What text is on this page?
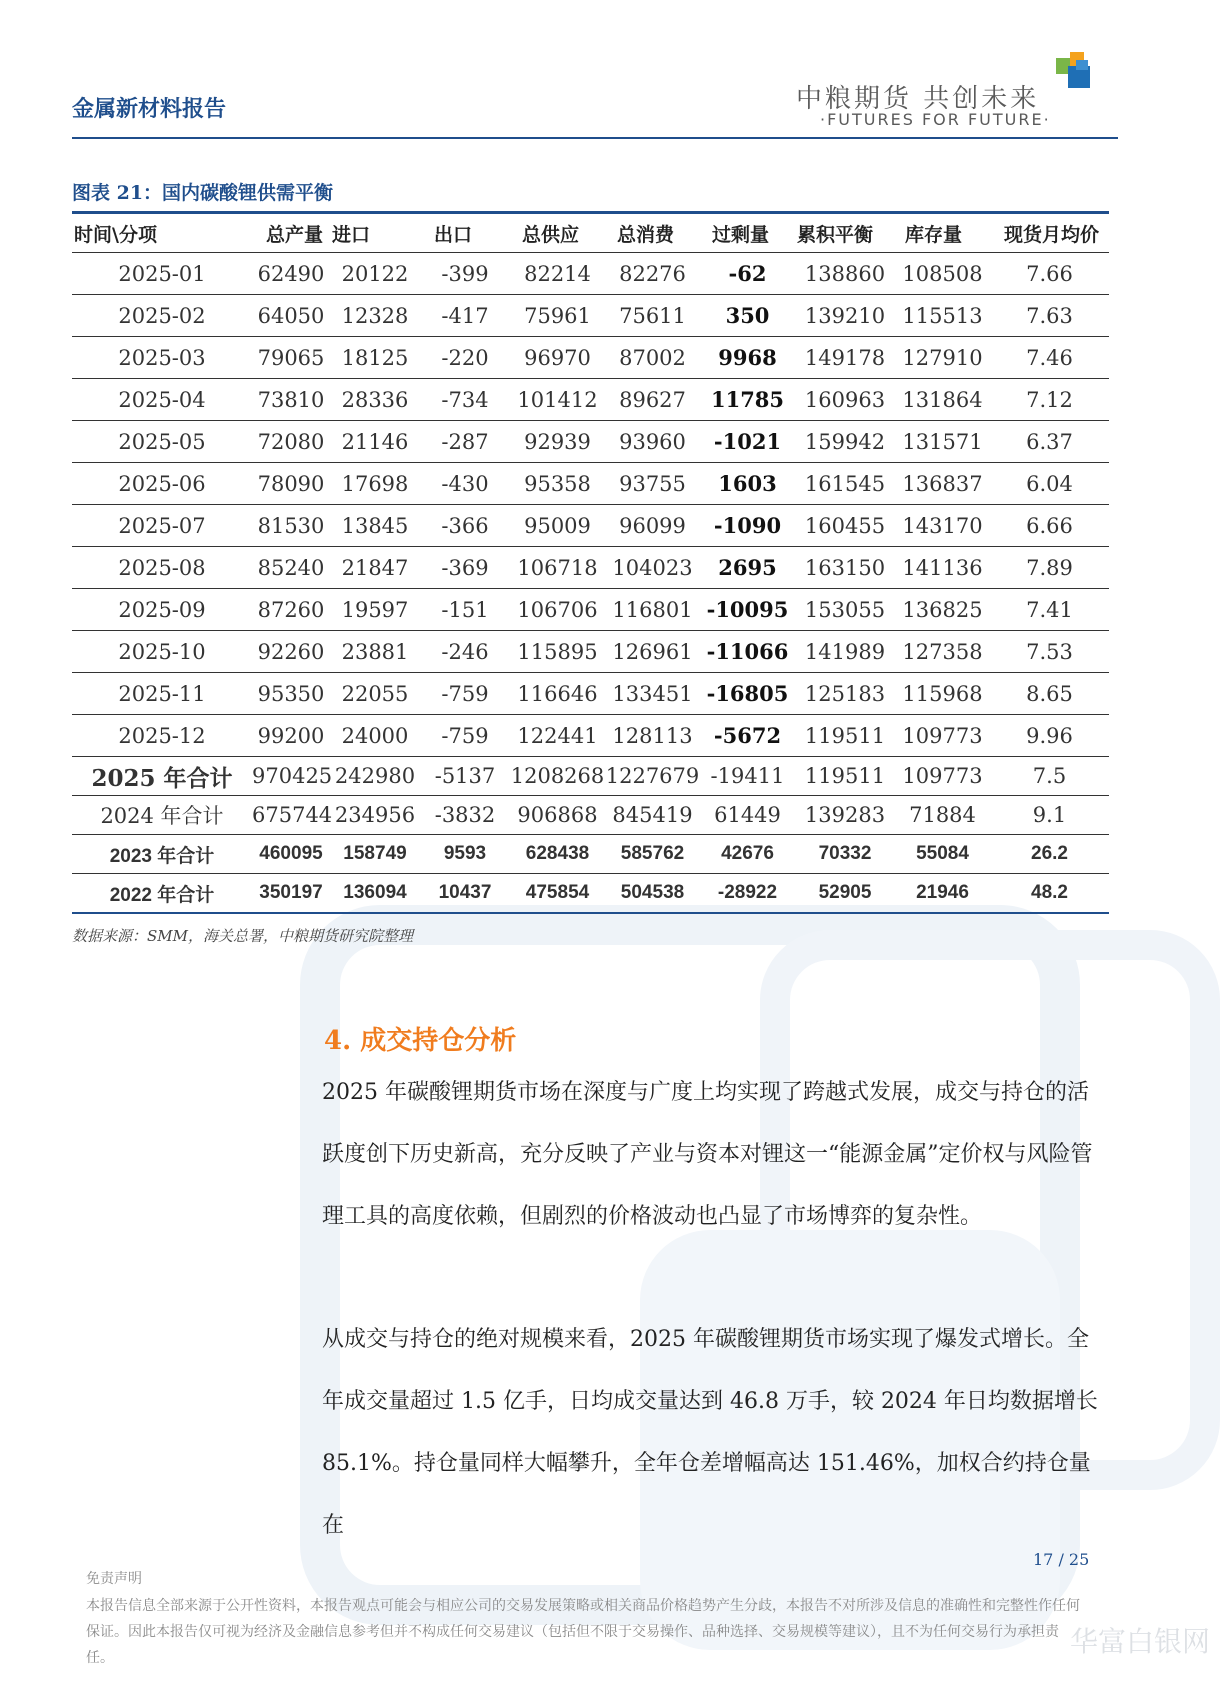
金属新材料报告	中粮期货 共创未来
·FUTURES FOR FUTURE·
图表 21：国内碳酸锂供需平衡
时间\分项	总产量	进口	出口	总供应	总消费	过剩量	累积平衡	库存量	现货月均价
2025-01	62490	20122	-399	82214	82276	-62	138860	108508	7.66
2025-02	64050	12328	-417	75961	75611	350	139210	115513	7.63
2025-03	79065	18125	-220	96970	87002	9968	149178	127910	7.46
2025-04	73810	28336	-734	101412	89627	11785	160963	131864	7.12
2025-05	72080	21146	-287	92939	93960	-1021	159942	131571	6.37
2025-06	78090	17698	-430	95358	93755	1603	161545	136837	6.04
2025-07	81530	13845	-366	95009	96099	-1090	160455	143170	6.66
2025-08	85240	21847	-369	106718	104023	2695	163150	141136	7.89
2025-09	87260	19597	-151	106706	116801	-10095	153055	136825	7.41
2025-10	92260	23881	-246	115895	126961	-11066	141989	127358	7.53
2025-11	95350	22055	-759	116646	133451	-16805	125183	115968	8.65
2025-12	99200	24000	-759	122441	128113	-5672	119511	109773	9.96
2025 年合计	970425	242980	-5137	1208268	1227679	-19411	119511	109773	7.5
2024 年合计	675744	234956	-3832	906868	845419	61449	139283	71884	9.1
2023 年合计	460095	158749	9593	628438	585762	42676	70332	55084	26.2
2022 年合计	350197	136094	10437	475854	504538	-28922	52905	21946	48.2
数据来源：SMM，海关总署，中粮期货研究院整理
4. 成交持仓分析
2025 年碳酸锂期货市场在深度与广度上均实现了跨越式发展，成交与持仓的活跃度创下历史新高，充分反映了产业与资本对锂这一“能源金属”定价权与风险管理工具的高度依赖，但剧烈的价格波动也凸显了市场博弈的复杂性。
从成交与持仓的绝对规模来看，2025 年碳酸锂期货市场实现了爆发式增长。全年成交量超过 1.5 亿手，日均成交量达到 46.8 万手，较 2024 年日均数据增长 85.1%。持仓量同样大幅攀升，全年仓差增幅高达 151.46%，加权合约持仓量在
17 / 25
免责声明
本报告信息全部来源于公开性资料，本报告观点可能会与相应公司的交易发展策略或相关商品价格趋势产生分歧，本报告不对所涉及信息的准确性和完整性作任何保证。因此本报告仅可视为经济及金融信息参考但并不构成任何交易建议（包括但不限于交易操作、品种选择、交易规模等建议），且不为任何交易行为承担责任。	华富白银网
